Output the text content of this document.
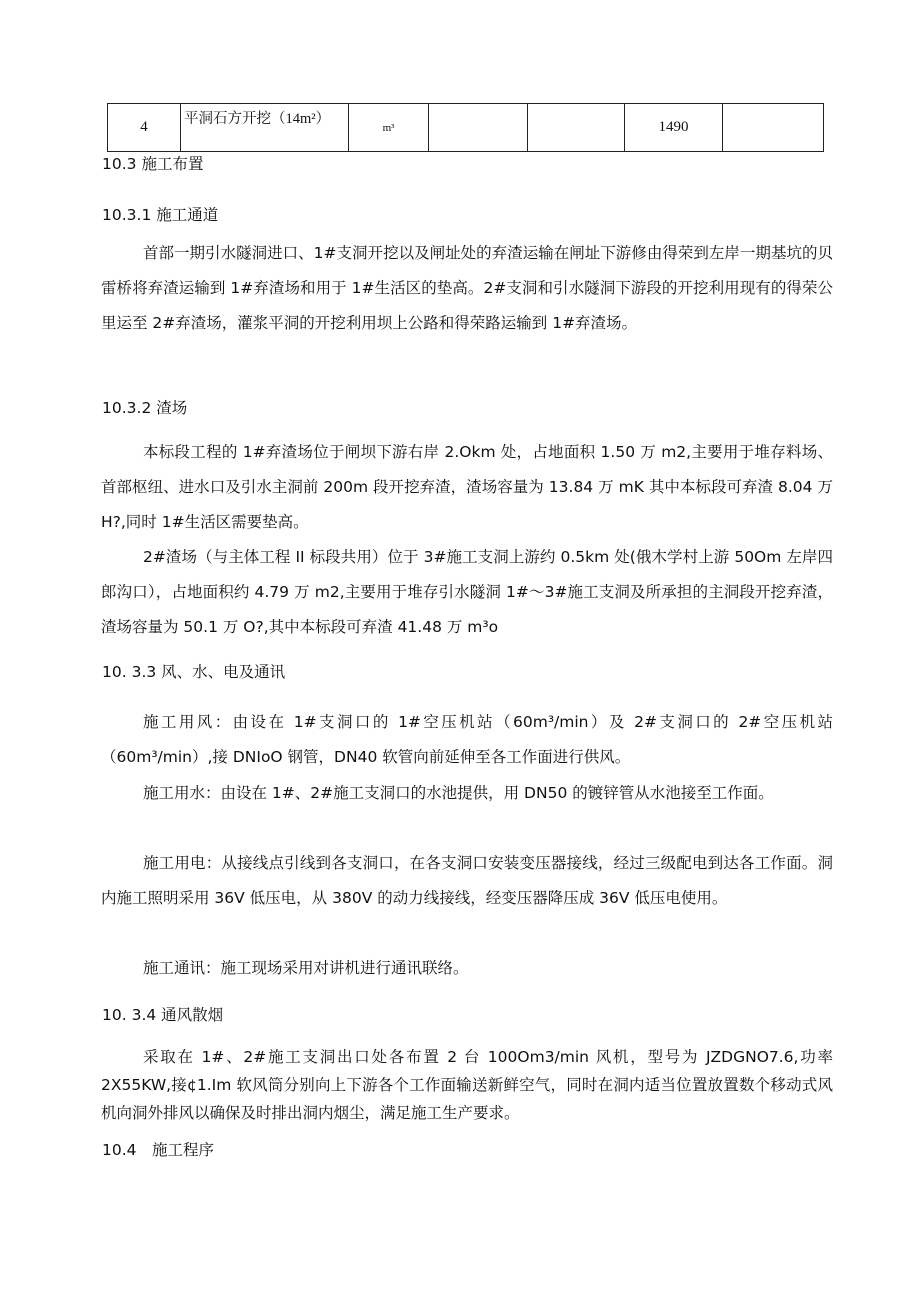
4	平洞石方开挖（14m²）	m³			1490	
10.3 施工布置
10.3.1 施工通道
首部一期引水隧洞进口、1#支洞开挖以及闸址处的弃渣运输在闸址下游修由得荣到左岸一期基坑的贝雷桥将弃渣运输到 1#弃渣场和用于 1#生活区的垫高。2#支洞和引水隧洞下游段的开挖利用现有的得荣公里运至 2#弃渣场，灌浆平洞的开挖利用坝上公路和得荣路运输到 1#弃渣场。
10.3.2 渣场
本标段工程的 1#弃渣场位于闸坝下游右岸 2.Okm 处，占地面积 1.50 万 m2,主要用于堆存料场、首部枢纽、进水口及引水主洞前 200m 段开挖弃渣，渣场容量为 13.84 万 mK 其中本标段可弃渣 8.04 万 H?,同时 1#生活区需要垫高。
2#渣场（与主体工程 II 标段共用）位于 3#施工支洞上游约 0.5km 处(俄木学村上游 50Om 左岸四郎沟口），占地面积约 4.79 万 m2,主要用于堆存引水隧洞 1#～3#施工支洞及所承担的主洞段开挖弃渣，渣场容量为 50.1 万 O?,其中本标段可弃渣 41.48 万 m³o
10. 3.3 风、水、电及通讯
施工用风：由设在 1#支洞口的 1#空压机站（60m³/min）及 2#支洞口的 2#空压机站（60m³/min）,接 DNIoO 钢管，DN40 软管向前延伸至各工作面进行供风。
施工用水：由设在 1#、2#施工支洞口的水池提供，用 DN50 的镀锌管从水池接至工作面。
施工用电：从接线点引线到各支洞口，在各支洞口安装变压器接线，经过三级配电到达各工作面。洞内施工照明采用 36V 低压电，从 380V 的动力线接线，经变压器降压成 36V 低压电使用。
施工通讯：施工现场采用对讲机进行通讯联络。
10. 3.4 通风散烟
采取在 1#、2#施工支洞出口处各布置 2 台 100Om3/min 风机，型号为 JZDGNO7.6,功率 2X55KW,接¢1.Im 软风筒分别向上下游各个工作面输送新鲜空气，同时在洞内适当位置放置数个移动式风机向洞外排风以确保及时排出洞内烟尘，满足施工生产要求。
10.4　施工程序
